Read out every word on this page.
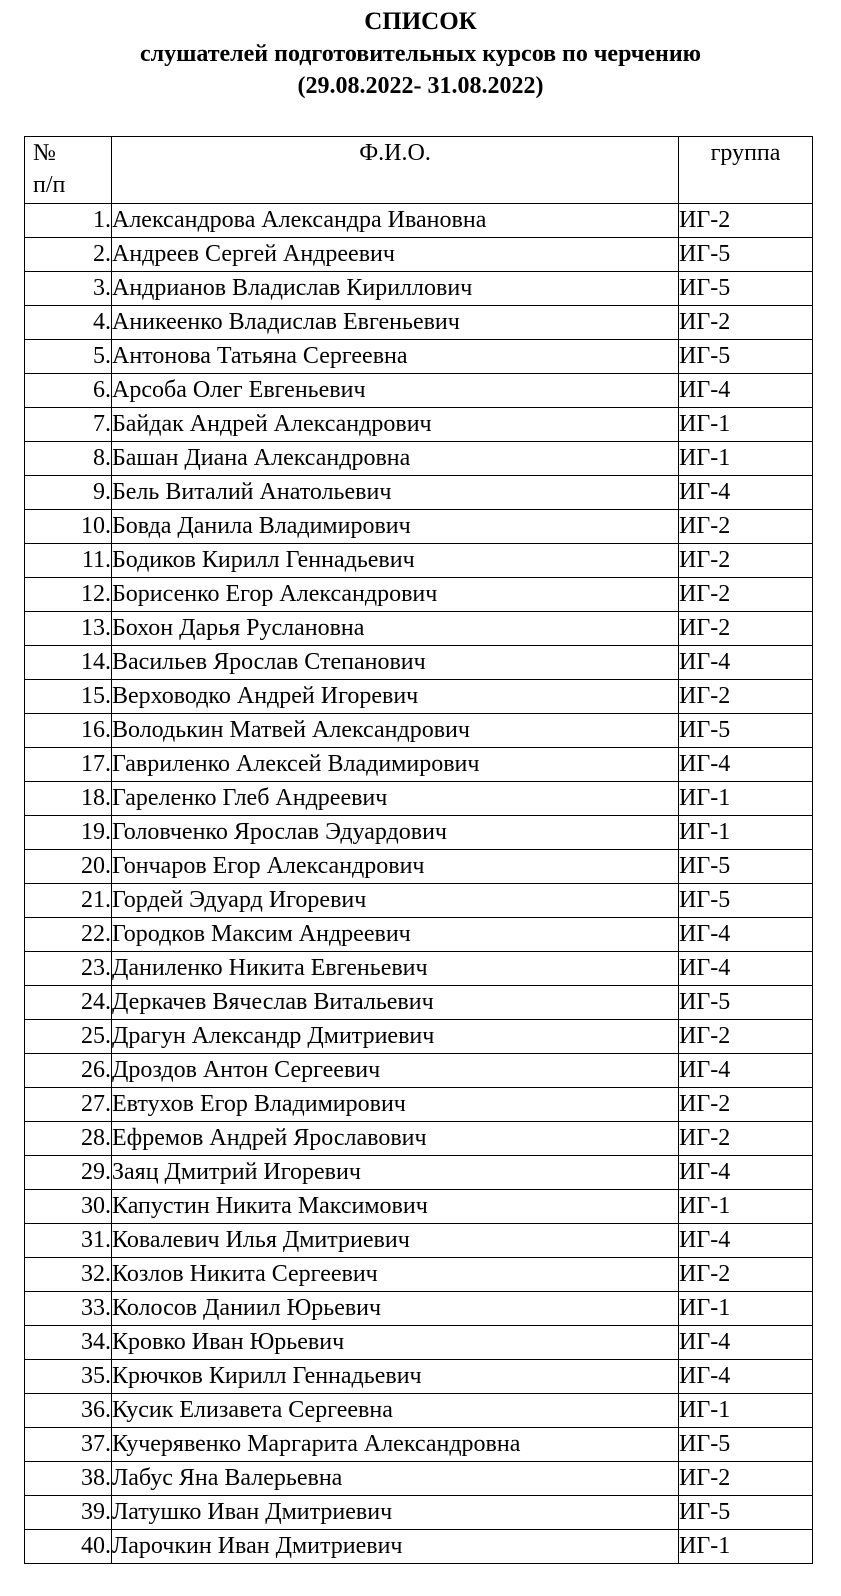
СПИСОК
слушателей подготовительных курсов по черчению
(29.08.2022- 31.08.2022)
№
п/п	Ф.И.О.	группа
1.	Александрова Александра Ивановна	ИГ-2
2.	Андреев Сергей Андреевич	ИГ-5
3.	Андрианов Владислав Кириллович	ИГ-5
4.	Аникеенко Владислав Евгеньевич	ИГ-2
5.	Антонова Татьяна Сергеевна	ИГ-5
6.	Арсоба Олег Евгеньевич	ИГ-4
7.	Байдак Андрей Александрович	ИГ-1
8.	Башан Диана Александровна	ИГ-1
9.	Бель Виталий Анатольевич	ИГ-4
10.	Бовда Данила Владимирович	ИГ-2
11.	Бодиков Кирилл Геннадьевич	ИГ-2
12.	Борисенко Егор Александрович	ИГ-2
13.	Бохон Дарья Руслановна	ИГ-2
14.	Васильев Ярослав Степанович	ИГ-4
15.	Верховодко Андрей Игоревич	ИГ-2
16.	Володькин Матвей Александрович	ИГ-5
17.	Гавриленко Алексей Владимирович	ИГ-4
18.	Гареленко Глеб Андреевич	ИГ-1
19.	Головченко Ярослав Эдуардович	ИГ-1
20.	Гончаров Егор Александрович	ИГ-5
21.	Гордей Эдуард Игоревич	ИГ-5
22.	Городков Максим Андреевич	ИГ-4
23.	Даниленко Никита Евгеньевич	ИГ-4
24.	Деркачев Вячеслав Витальевич	ИГ-5
25.	Драгун Александр Дмитриевич	ИГ-2
26.	Дроздов Антон Сергеевич	ИГ-4
27.	Евтухов Егор Владимирович	ИГ-2
28.	Ефремов Андрей Ярославович	ИГ-2
29.	Заяц Дмитрий Игоревич	ИГ-4
30.	Капустин Никита Максимович	ИГ-1
31.	Ковалевич Илья Дмитриевич	ИГ-4
32.	Козлов Никита Сергеевич	ИГ-2
33.	Колосов Даниил Юрьевич	ИГ-1
34.	Кровко Иван Юрьевич	ИГ-4
35.	Крючков Кирилл Геннадьевич	ИГ-4
36.	Кусик Елизавета Сергеевна	ИГ-1
37.	Кучерявенко Маргарита Александровна	ИГ-5
38.	Лабус Яна Валерьевна	ИГ-2
39.	Латушко Иван Дмитриевич	ИГ-5
40.	Ларочкин Иван Дмитриевич	ИГ-1
